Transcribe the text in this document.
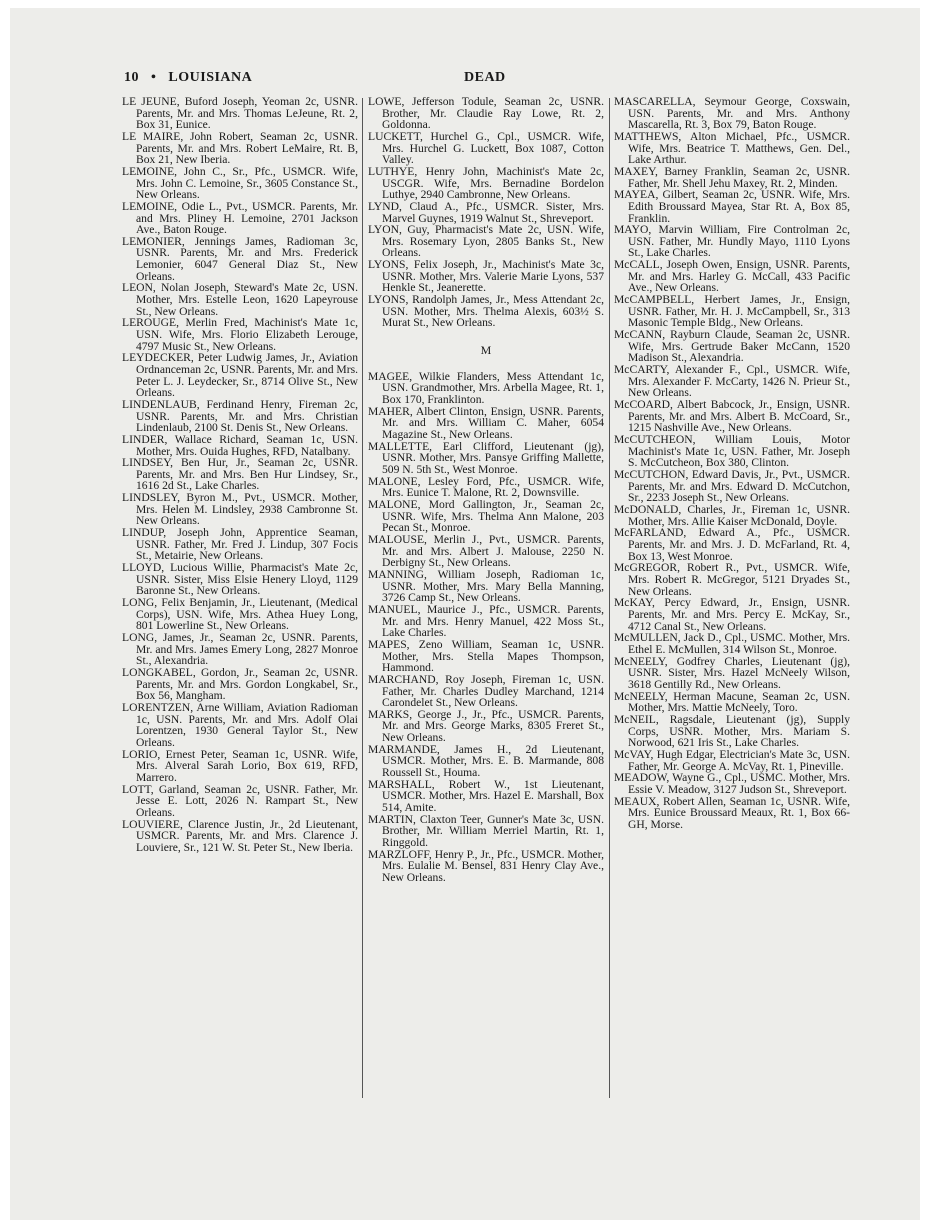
10 • LOUISIANA	DEAD
LE JEUNE, Buford Joseph, Yeoman 2c, USNR. Parents, Mr. and Mrs. Thomas LeJeune, Rt. 2, Box 31, Eunice.
LE MAIRE, John Robert, Seaman 2c, USNR. Parents, Mr. and Mrs. Robert LeMaire, Rt. B, Box 21, New Iberia.
LEMOINE, John C., Sr., Pfc., USMCR. Wife, Mrs. John C. Lemoine, Sr., 3605 Constance St., New Orleans.
LEMOINE, Odie L., Pvt., USMCR. Parents, Mr. and Mrs. Pliney H. Lemoine, 2701 Jackson Ave., Baton Rouge.
LEMONIER, Jennings James, Radioman 3c, USNR. Parents, Mr. and Mrs. Frederick Lemonier, 6047 General Diaz St., New Orleans.
LEON, Nolan Joseph, Steward's Mate 2c, USN. Mother, Mrs. Estelle Leon, 1620 Lapeyrouse St., New Orleans.
LEROUGE, Merlin Fred, Machinist's Mate 1c, USN. Wife, Mrs. Florio Elizabeth Lerouge, 4797 Music St., New Orleans.
LEYDECKER, Peter Ludwig James, Jr., Aviation Ordnanceman 2c, USNR. Parents, Mr. and Mrs. Peter L. J. Leydecker, Sr., 8714 Olive St., New Orleans.
LINDENLAUB, Ferdinand Henry, Fireman 2c, USNR. Parents, Mr. and Mrs. Christian Lindenlaub, 2100 St. Denis St., New Orleans.
LINDER, Wallace Richard, Seaman 1c, USN. Mother, Mrs. Ouida Hughes, RFD, Natalbany.
LINDSEY, Ben Hur, Jr., Seaman 2c, USNR. Parents, Mr. and Mrs. Ben Hur Lindsey, Sr., 1616 2d St., Lake Charles.
LINDSLEY, Byron M., Pvt., USMCR. Mother, Mrs. Helen M. Lindsley, 2938 Cambronne St. New Orleans.
LINDUP, Joseph John, Apprentice Seaman, USNR. Father, Mr. Fred J. Lindup, 307 Focis St., Metairie, New Orleans.
LLOYD, Lucious Willie, Pharmacist's Mate 2c, USNR. Sister, Miss Elsie Henery Lloyd, 1129 Baronne St., New Orleans.
LONG, Felix Benjamin, Jr., Lieutenant, (Medical Corps), USN. Wife, Mrs. Athea Huey Long, 801 Lowerline St., New Orleans.
LONG, James, Jr., Seaman 2c, USNR. Parents, Mr. and Mrs. James Emery Long, 2827 Monroe St., Alexandria.
LONGKABEL, Gordon, Jr., Seaman 2c, USNR. Parents, Mr. and Mrs. Gordon Longkabel, Sr., Box 56, Mangham.
LORENTZEN, Arne William, Aviation Radioman 1c, USN. Parents, Mr. and Mrs. Adolf Olai Lorentzen, 1930 General Taylor St., New Orleans.
LORIO, Ernest Peter, Seaman 1c, USNR. Wife, Mrs. Alveral Sarah Lorio, Box 619, RFD, Marrero.
LOTT, Garland, Seaman 2c, USNR. Father, Mr. Jesse E. Lott, 2026 N. Rampart St., New Orleans.
LOUVIERE, Clarence Justin, Jr., 2d Lieutenant, USMCR. Parents, Mr. and Mrs. Clarence J. Louviere, Sr., 121 W. St. Peter St., New Iberia.
LOWE, Jefferson Todule, Seaman 2c, USNR. Brother, Mr. Claudie Ray Lowe, Rt. 2, Goldonna.
LUCKETT, Hurchel G., Cpl., USMCR. Wife, Mrs. Hurchel G. Luckett, Box 1087, Cotton Valley.
LUTHYE, Henry John, Machinist's Mate 2c, USCGR. Wife, Mrs. Bernadine Bordelon Luthye, 2940 Cambronne, New Orleans.
LYND, Claud A., Pfc., USMCR. Sister, Mrs. Marvel Guynes, 1919 Walnut St., Shreveport.
LYON, Guy, Pharmacist's Mate 2c, USN. Wife, Mrs. Rosemary Lyon, 2805 Banks St., New Orleans.
LYONS, Felix Joseph, Jr., Machinist's Mate 3c, USNR. Mother, Mrs. Valerie Marie Lyons, 537 Henkle St., Jeanerette.
LYONS, Randolph James, Jr., Mess Attendant 2c, USN. Mother, Mrs. Thelma Alexis, 603½ S. Murat St., New Orleans.
M
MAGEE, Wilkie Flanders, Mess Attendant 1c, USN. Grandmother, Mrs. Arbella Magee, Rt. 1, Box 170, Franklinton.
MAHER, Albert Clinton, Ensign, USNR. Parents, Mr. and Mrs. William C. Maher, 6054 Magazine St., New Orleans.
MALLETTE, Earl Clifford, Lieutenant (jg), USNR. Mother, Mrs. Pansye Griffing Mallette, 509 N. 5th St., West Monroe.
MALONE, Lesley Ford, Pfc., USMCR. Wife, Mrs. Eunice T. Malone, Rt. 2, Downsville.
MALONE, Mord Gallington, Jr., Seaman 2c, USNR. Wife, Mrs. Thelma Ann Malone, 203 Pecan St., Monroe.
MALOUSE, Merlin J., Pvt., USMCR. Parents, Mr. and Mrs. Albert J. Malouse, 2250 N. Derbigny St., New Orleans.
MANNING, William Joseph, Radioman 1c, USNR. Mother, Mrs. Mary Bella Manning, 3726 Camp St., New Orleans.
MANUEL, Maurice J., Pfc., USMCR. Parents, Mr. and Mrs. Henry Manuel, 422 Moss St., Lake Charles.
MAPES, Zeno William, Seaman 1c, USNR. Mother, Mrs. Stella Mapes Thompson, Hammond.
MARCHAND, Roy Joseph, Fireman 1c, USN. Father, Mr. Charles Dudley Marchand, 1214 Carondelet St., New Orleans.
MARKS, George J., Jr., Pfc., USMCR. Parents, Mr. and Mrs. George Marks, 8305 Freret St., New Orleans.
MARMANDE, James H., 2d Lieutenant, USMCR. Mother, Mrs. E. B. Marmande, 808 Roussell St., Houma.
MARSHALL, Robert W., 1st Lieutenant, USMCR. Mother, Mrs. Hazel E. Marshall, Box 514, Amite.
MARTIN, Claxton Teer, Gunner's Mate 3c, USN. Brother, Mr. William Merriel Martin, Rt. 1, Ringgold.
MARZLOFF, Henry P., Jr., Pfc., USMCR. Mother, Mrs. Eulalie M. Bensel, 831 Henry Clay Ave., New Orleans.
MASCARELLA, Seymour George, Coxswain, USN. Parents, Mr. and Mrs. Anthony Mascarella, Rt. 3, Box 79, Baton Rouge.
MATTHEWS, Alton Michael, Pfc., USMCR. Wife, Mrs. Beatrice T. Matthews, Gen. Del., Lake Arthur.
MAXEY, Barney Franklin, Seaman 2c, USNR. Father, Mr. Shell Jehu Maxey, Rt. 2, Minden.
MAYEA, Gilbert, Seaman 2c, USNR. Wife, Mrs. Edith Broussard Mayea, Star Rt. A, Box 85, Franklin.
MAYO, Marvin William, Fire Controlman 2c, USN. Father, Mr. Hundly Mayo, 1110 Lyons St., Lake Charles.
McCALL, Joseph Owen, Ensign, USNR. Parents, Mr. and Mrs. Harley G. McCall, 433 Pacific Ave., New Orleans.
McCAMPBELL, Herbert James, Jr., Ensign, USNR. Father, Mr. H. J. McCampbell, Sr., 313 Masonic Temple Bldg., New Orleans.
McCANN, Rayburn Claude, Seaman 2c, USNR. Wife, Mrs. Gertrude Baker McCann, 1520 Madison St., Alexandria.
McCARTY, Alexander F., Cpl., USMCR. Wife, Mrs. Alexander F. McCarty, 1426 N. Prieur St., New Orleans.
McCOARD, Albert Babcock, Jr., Ensign, USNR. Parents, Mr. and Mrs. Albert B. McCoard, Sr., 1215 Nashville Ave., New Orleans.
McCUTCHEON, William Louis, Motor Machinist's Mate 1c, USN. Father, Mr. Joseph S. McCutcheon, Box 380, Clinton.
McCUTCHON, Edward Davis, Jr., Pvt., USMCR. Parents, Mr. and Mrs. Edward D. McCutchon, Sr., 2233 Joseph St., New Orleans.
McDONALD, Charles, Jr., Fireman 1c, USNR. Mother, Mrs. Allie Kaiser McDonald, Doyle.
McFARLAND, Edward A., Pfc., USMCR. Parents, Mr. and Mrs. J. D. McFarland, Rt. 4, Box 13, West Monroe.
McGREGOR, Robert R., Pvt., USMCR. Wife, Mrs. Robert R. McGregor, 5121 Dryades St., New Orleans.
McKAY, Percy Edward, Jr., Ensign, USNR. Parents, Mr. and Mrs. Percy E. McKay, Sr., 4712 Canal St., New Orleans.
McMULLEN, Jack D., Cpl., USMC. Mother, Mrs. Ethel E. McMullen, 314 Wilson St., Monroe.
McNEELY, Godfrey Charles, Lieutenant (jg), USNR. Sister, Mrs. Hazel McNeely Wilson, 3618 Gentilly Rd., New Orleans.
McNEELY, Herman Macune, Seaman 2c, USN. Mother, Mrs. Mattie McNeely, Toro.
McNEIL, Ragsdale, Lieutenant (jg), Supply Corps, USNR. Mother, Mrs. Mariam S. Norwood, 621 Iris St., Lake Charles.
McVAY, Hugh Edgar, Electrician's Mate 3c, USN. Father, Mr. George A. McVay, Rt. 1, Pineville.
MEADOW, Wayne G., Cpl., USMC. Mother, Mrs. Essie V. Meadow, 3127 Judson St., Shreveport.
MEAUX, Robert Allen, Seaman 1c, USNR. Wife, Mrs. Eunice Broussard Meaux, Rt. 1, Box 66-GH, Morse.
